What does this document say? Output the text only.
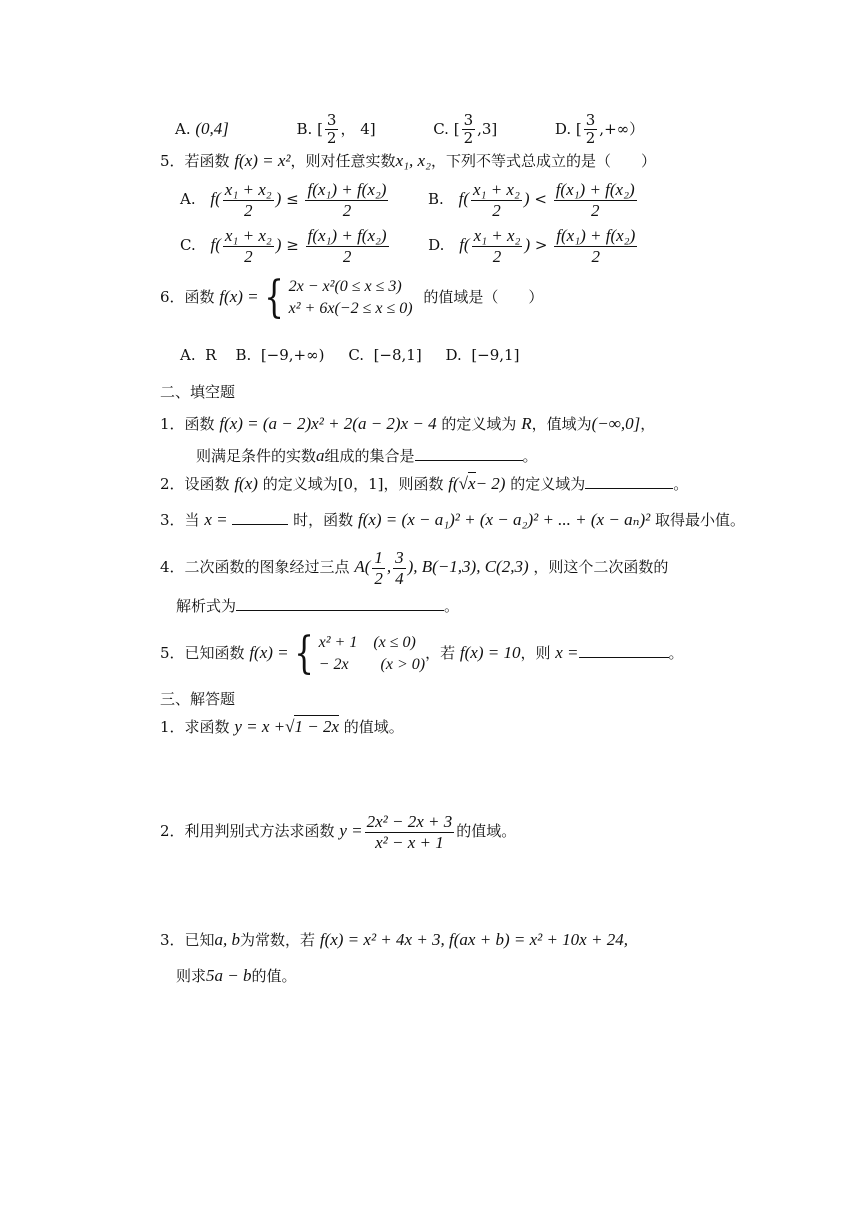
A. (0,4]	B. [ $\frac{3}{2}$ ， 4]	C. [ $\frac{3}{2} ,3$]	D. [ $\frac{3}{2}$ ,+∞）
5．若函数 f(x) = x²，则对任意实数x₁, x₂，下列不等式总成立的是（　　）
A. $f( \frac{\text{x₁ + x₂}}{2}$ ) ≤ $\frac{\text{f(x₁) + f(x₂)}}{2}$	B. $f( \frac{\text{x₁ + x₂}}{2}$ ) < $\frac{\text{f(x₁) + f(x₂)}}{2}$
C. $f( \frac{\text{x₁ + x₂}}{2}$ ) ≥ $\frac{\text{f(x₁) + f(x₂)}}{2}$	D. $f( \frac{\text{x₁ + x₂}}{2}$ ) > $\frac{\text{f(x₁) + f(x₂)}}{2}$
6．函数 f(x) = { 2x − x²(0 ≤ x ≤ 3)
x² + 6x(−2 ≤ x ≤ 0)
的值域是（　　）
A.  R    B.  [−9,+∞)     C.  [−8,1]     D.  [−9,1]
二、填空题
1．函数 f(x) = (a − 2)x² + 2(a − 2)x − 4 的定义域为 R，值域为(−∞,0]，
则满足条件的实数a组成的集合是	。
2．设函数 f(x) 的定义域为[0，1]，则函数 f(√x− 2) 的定义域为	。
3．当 x =	时，函数 f(x) = (x − a₁)² + (x − a₂)² + ... + (x − aₙ)² 取得最小值。
4．二次函数的图象经过三点 $A( \frac{1}{2}$ , $\frac{3}{4}$ ), B(−1,3), C(2,3) ，则这个二次函数的
解析式为	。
5．已知函数 f(x) = { x² + 1　(x ≤ 0)
− 2x　　(x > 0)
，若 f(x) = 10，则 x =	。
三、解答题
1．求函数 y = x +√1 − 2x 的值域。
2．利用判别式方法求函数 $y = \frac{\text{2x² − 2x + 3}}{\text{x² − x + 1}}$ 的值域。
3．已知a, b为常数，若 f(x) = x² + 4x + 3, f(ax + b) = x² + 10x + 24,
则求5a − b的值。
